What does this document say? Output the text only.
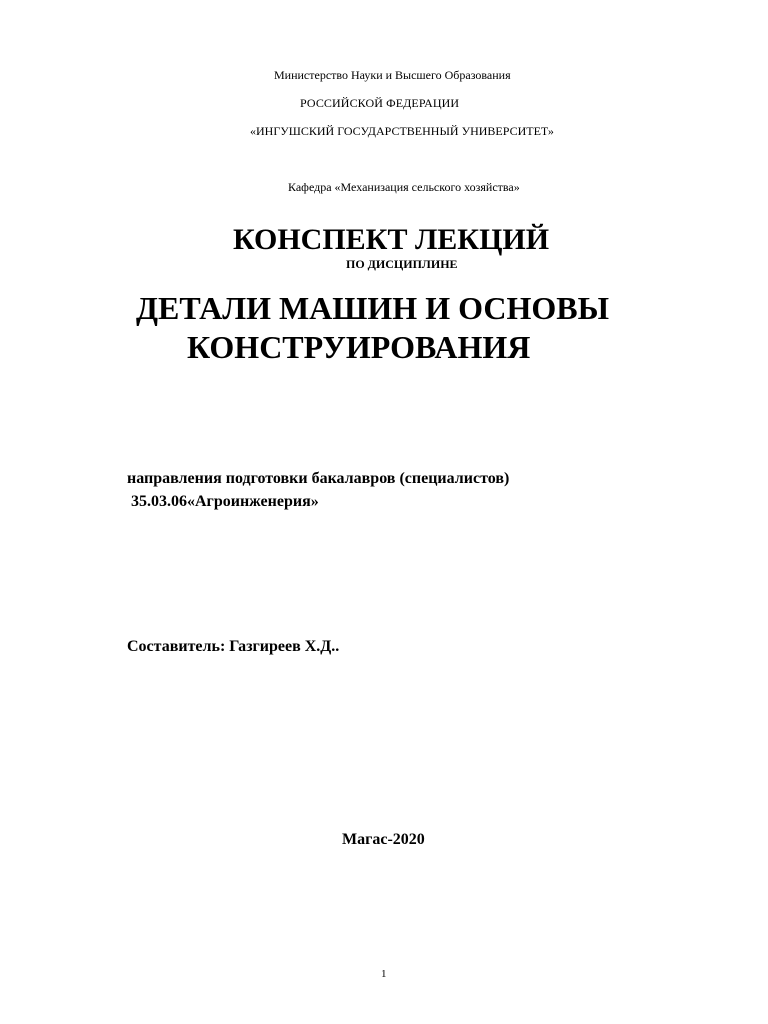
Министерство Науки и Высшего Образования
РОССИЙСКОЙ ФЕДЕРАЦИИ
«ИНГУШСКИЙ ГОСУДАРСТВЕННЫЙ УНИВЕРСИТЕТ»
Кафедра «Механизация сельского хозяйства»
КОНСПЕКТ ЛЕКЦИЙ
ПО ДИСЦИПЛИНЕ
ДЕТАЛИ МАШИН И ОСНОВЫ
КОНСТРУИРОВАНИЯ
направления подготовки бакалавров (специалистов)
35.03.06«Агроинженерия»
Составитель: Газгиреев Х.Д..
Магас-2020
1
